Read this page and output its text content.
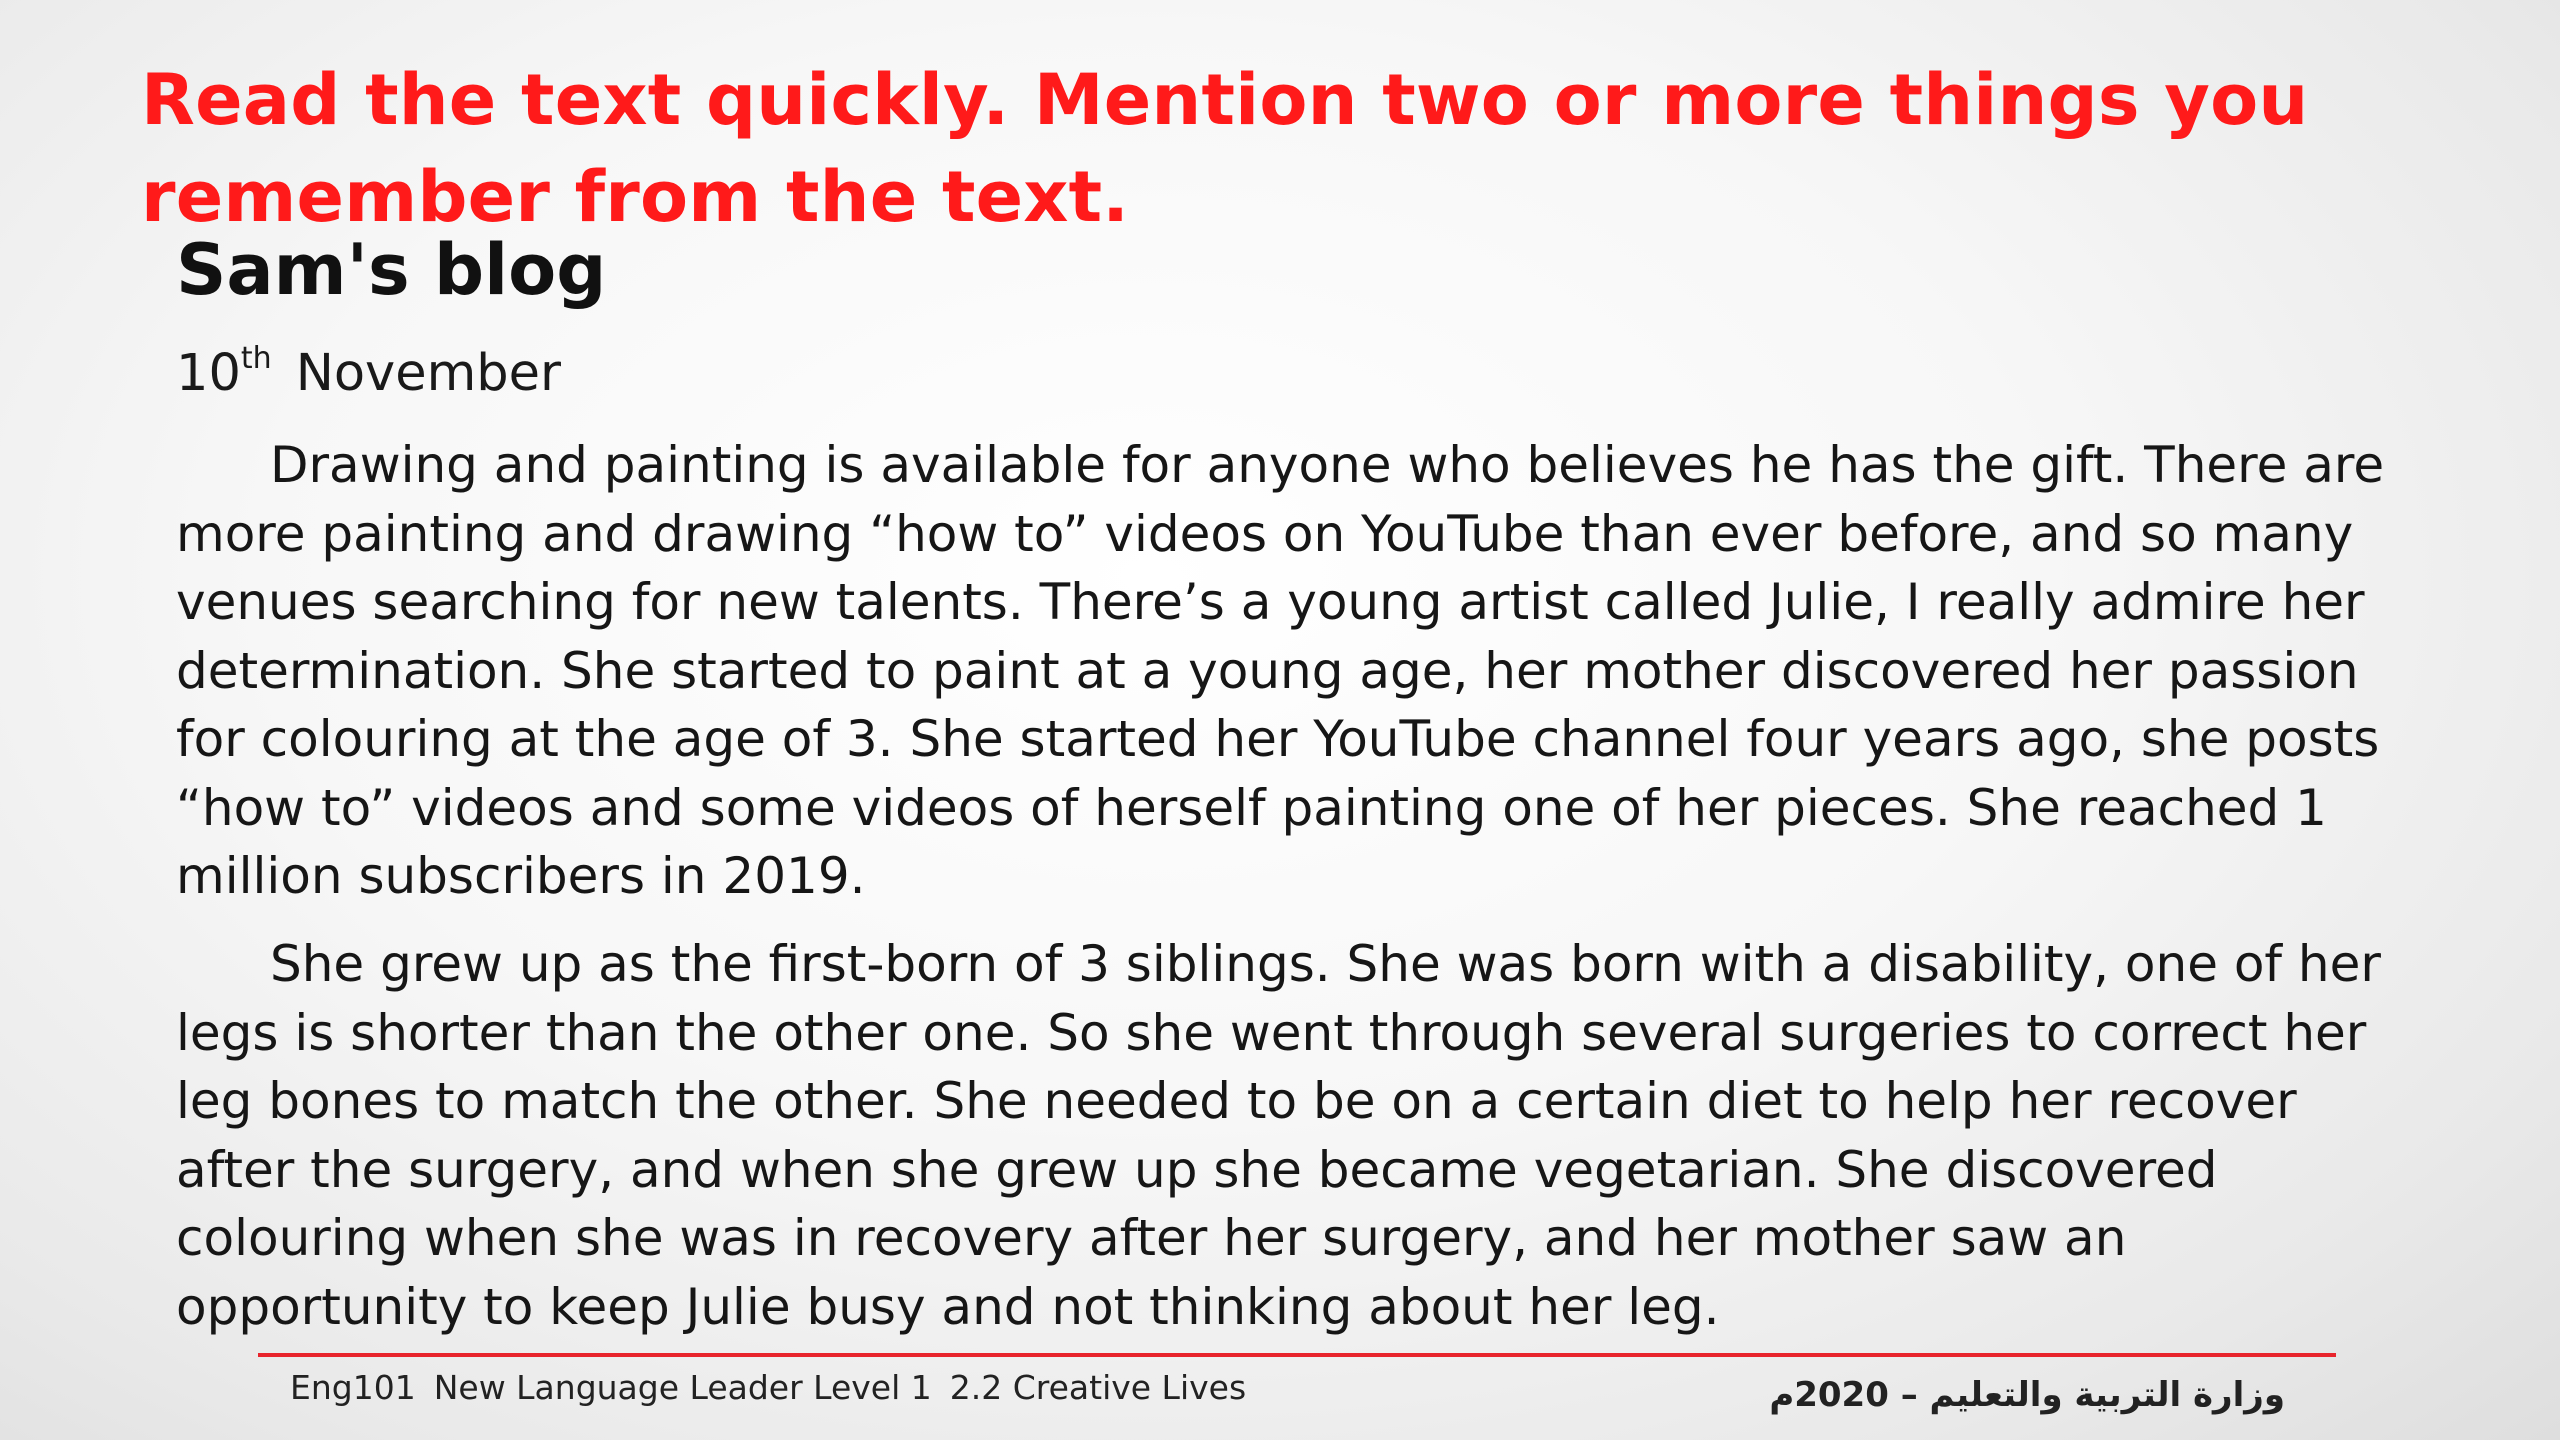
Read the text quickly. Mention two or more things you remember from the text.

Sam's blog

10th November

Drawing and painting is available for anyone who believes he has the gift. There are more painting and drawing “how to” videos on YouTube than ever before, and so many venues searching for new talents. There’s a young artist called Julie, I really admire her determination. She started to paint at a young age, her mother discovered her passion for colouring at the age of 3. She started her YouTube channel four years ago, she posts “how to” videos and some videos of herself painting one of her pieces. She reached 1 million subscribers in 2019.

She grew up as the first-born of 3 siblings. She was born with a disability, one of her legs is shorter than the other one. So she went through several surgeries to correct her leg bones to match the other. She needed to be on a certain diet to help her recover after the surgery, and when she grew up she became vegetarian. She discovered colouring when she was in recovery after her surgery, and her mother saw an opportunity to keep Julie busy and not thinking about her leg.

Eng101 New Language Leader Level 1 2.2 Creative Lives	وزارة التربية والتعليم – 2020م
